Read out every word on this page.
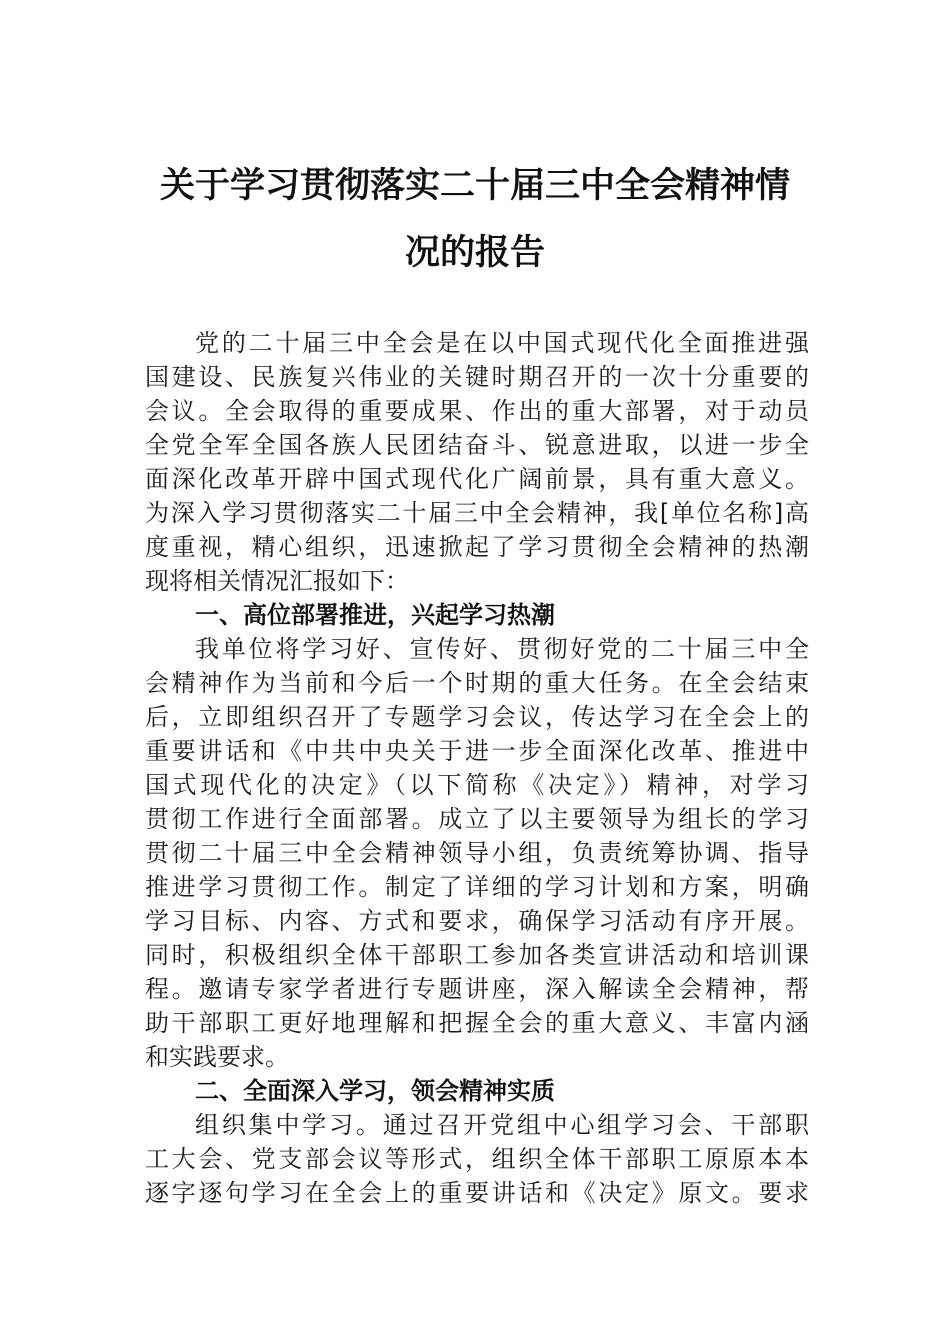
关于学习贯彻落实二十届三中全会精神情
况的报告
党的二十届三中全会是在以中国式现代化全面推进强
国建设、民族复兴伟业的关键时期召开的一次十分重要的
会议。全会取得的重要成果、作出的重大部署，对于动员
全党全军全国各族人民团结奋斗、锐意进取，以进一步全
面深化改革开辟中国式现代化广阔前景，具有重大意义。
为深入学习贯彻落实二十届三中全会精神，我[单位名称]高
度重视，精心组织，迅速掀起了学习贯彻全会精神的热潮
现将相关情况汇报如下：
一、高位部署推进，兴起学习热潮
我单位将学习好、宣传好、贯彻好党的二十届三中全
会精神作为当前和今后一个时期的重大任务。在全会结束
后，立即组织召开了专题学习会议，传达学习在全会上的
重要讲话和《中共中央关于进一步全面深化改革、推进中
国式现代化的决定》（以下简称《决定》）精神，对学习
贯彻工作进行全面部署。成立了以主要领导为组长的学习
贯彻二十届三中全会精神领导小组，负责统筹协调、指导
推进学习贯彻工作。制定了详细的学习计划和方案，明确
学习目标、内容、方式和要求，确保学习活动有序开展。
同时，积极组织全体干部职工参加各类宣讲活动和培训课
程。邀请专家学者进行专题讲座，深入解读全会精神，帮
助干部职工更好地理解和把握全会的重大意义、丰富内涵
和实践要求。
二、全面深入学习，领会精神实质
组织集中学习。通过召开党组中心组学习会、干部职
工大会、党支部会议等形式，组织全体干部职工原原本本
逐字逐句学习在全会上的重要讲话和《决定》原文。要求
